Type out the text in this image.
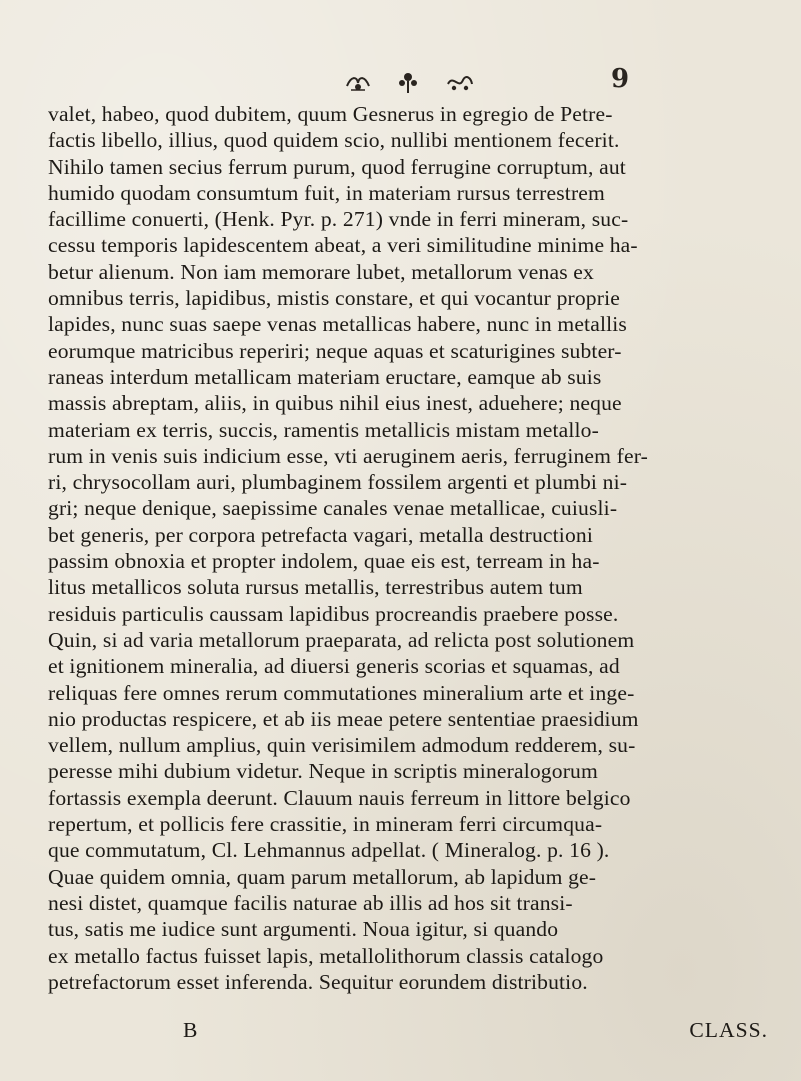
9
valet, habeo, quod dubitem, quum Gesnerus in egregio de Petre-
factis libello, illius, quod quidem scio, nullibi mentionem fecerit.
Nihilo tamen secius ferrum purum, quod ferrugine corruptum, aut
humido quodam consumtum fuit, in materiam rursus terrestrem
facillime conuerti, (Henk. Pyr. p. 271) vnde in ferri mineram, suc-
cessu temporis lapidescentem abeat, a veri similitudine minime ha-
betur alienum. Non iam memorare lubet, metallorum venas ex
omnibus terris, lapidibus, mistis constare, et qui vocantur proprie
lapides, nunc suas saepe venas metallicas habere, nunc in metallis
eorumque matricibus reperiri; neque aquas et scaturigines subter-
raneas interdum metallicam materiam eructare, eamque ab suis
massis abreptam, aliis, in quibus nihil eius inest, aduehere; neque
materiam ex terris, succis, ramentis metallicis mistam metallo-
rum in venis suis indicium esse, vti aeruginem aeris, ferruginem fer-
ri, chrysocollam auri, plumbaginem fossilem argenti et plumbi ni-
gri; neque denique, saepissime canales venae metallicae, cuiusli-
bet generis, per corpora petrefacta vagari, metalla destructioni
passim obnoxia et propter indolem, quae eis est, terream in ha-
litus metallicos soluta rursus metallis, terrestribus autem tum
residuis particulis caussam lapidibus procreandis praebere posse.
Quin, si ad varia metallorum praeparata, ad relicta post solutionem
et ignitionem mineralia, ad diuersi generis scorias et squamas, ad
reliquas fere omnes rerum commutationes mineralium arte et inge-
nio productas respicere, et ab iis meae petere sententiae praesidium
vellem, nullum amplius, quin verisimilem admodum redderem, su-
peresse mihi dubium videtur. Neque in scriptis mineralogorum
fortassis exempla deerunt. Clauum nauis ferreum in littore belgico
repertum, et pollicis fere crassitie, in mineram ferri circumqua-
que commutatum, Cl. Lehmannus adpellat. ( Mineralog. p. 16 ).
Quae quidem omnia, quam parum metallorum, ab lapidum ge-
nesi distet, quamque facilis naturae ab illis ad hos sit transi-
tus, satis me iudice sunt argumenti. Noua igitur, si quando
ex metallo factus fuisset lapis, metallolithorum classis catalogo
petrefactorum esset inferenda. Sequitur eorundem distributio.
B	CLASS.
